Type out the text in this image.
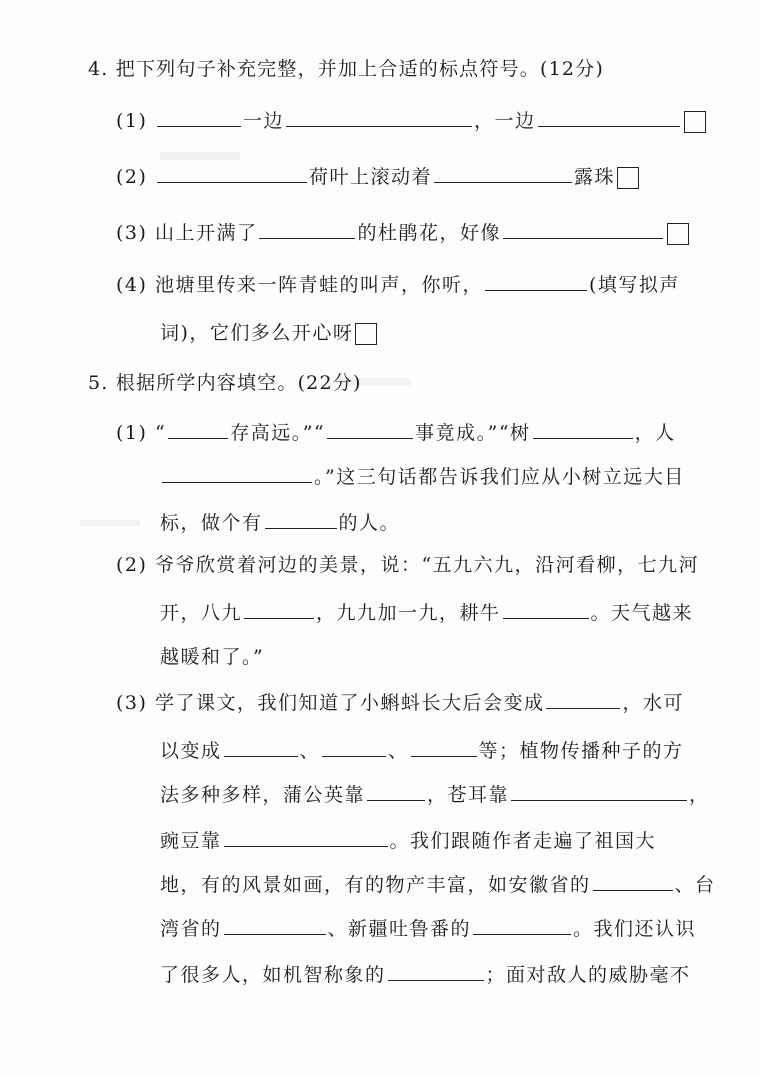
4. 把下列句子补充完整，并加上合适的标点符号。(12分)
(1)	一边	，一边
(2)	荷叶上滚动着	露珠
(3) 山上开满了	的杜鹃花，好像
(4) 池塘里传来一阵青蛙的叫声，你听，	(填写拟声
词)，它们多么开心呀
5. 根据所学内容填空。(22分)
(1) “	存高远。”“	事竟成。”“树	，人
。”这三句话都告诉我们应从小树立远大目
标，做个有	的人。
(2) 爷爷欣赏着河边的美景，说：“五九六九，沿河看柳，七九河
开，八九	，九九加一九，耕牛	。天气越来
越暖和了。”
(3) 学了课文，我们知道了小蝌蚪长大后会变成	，水可
以变成	、	、	等；植物传播种子的方
法多种多样，蒲公英靠	，苍耳靠	，
豌豆靠	。我们跟随作者走遍了祖国大
地，有的风景如画，有的物产丰富，如安徽省的	、台
湾省的	、新疆吐鲁番的	。我们还认识
了很多人，如机智称象的	；面对敌人的威胁毫不
